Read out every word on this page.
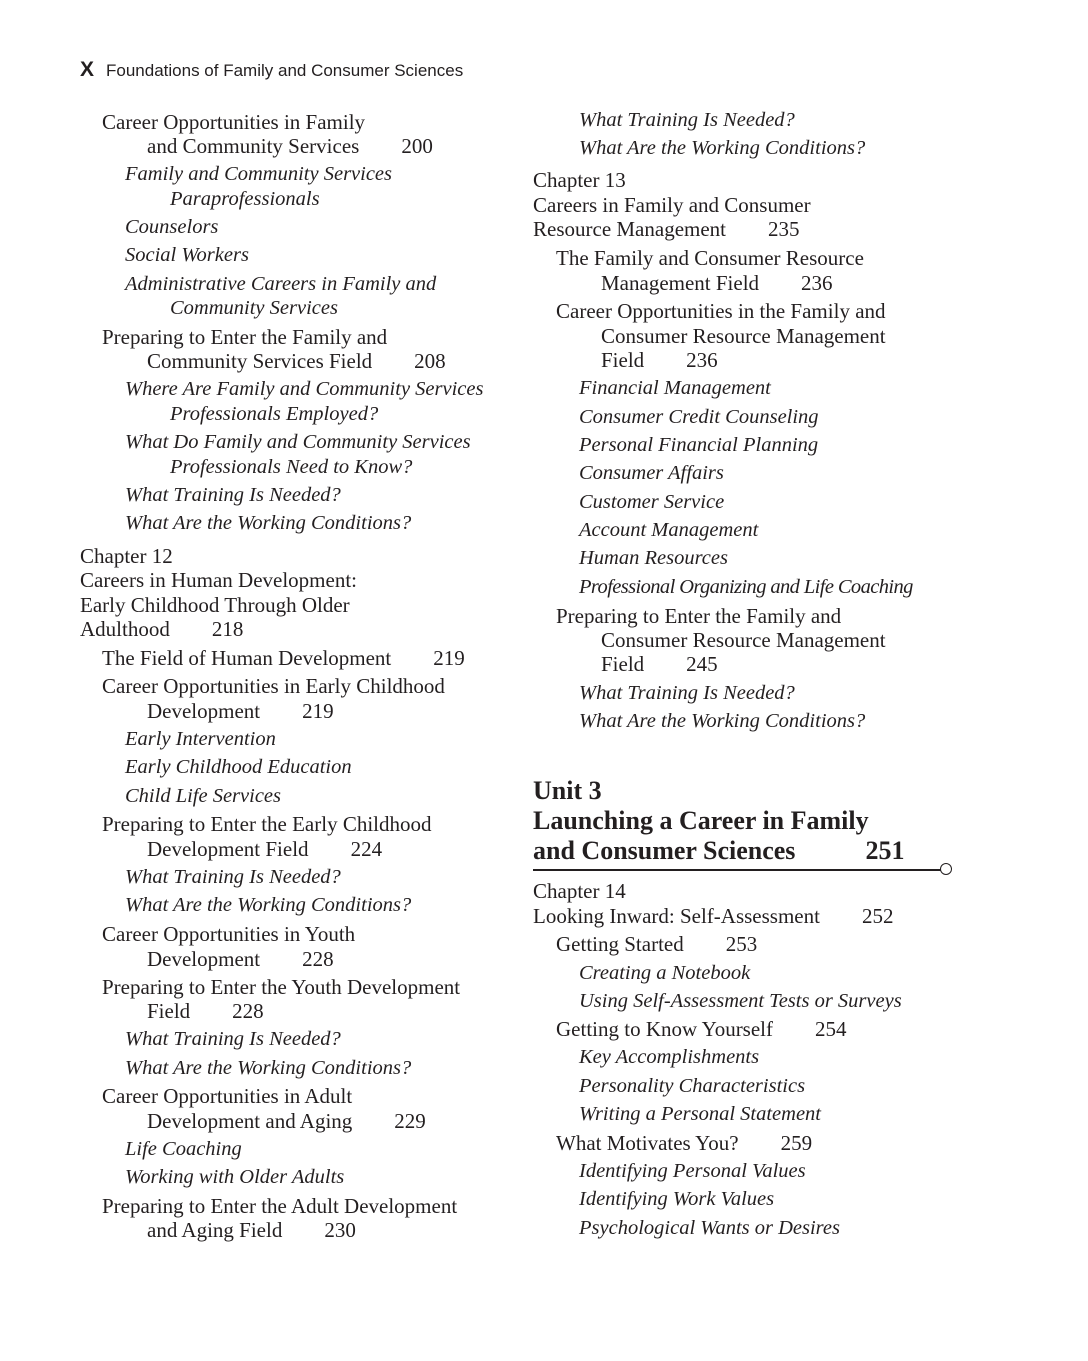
X Foundations of Family and Consumer Sciences
Career Opportunities in Family
and Community Services 200
Family and Community Services
Paraprofessionals
Counselors
Social Workers
Administrative Careers in Family and
Community Services
Preparing to Enter the Family and
Community Services Field 208
Where Are Family and Community Services
Professionals Employed?
What Do Family and Community Services
Professionals Need to Know?
What Training Is Needed?
What Are the Working Conditions?
Chapter 12
Careers in Human Development:
Early Childhood Through Older
Adulthood 218
The Field of Human Development 219
Career Opportunities in Early Childhood
Development 219
Early Intervention
Early Childhood Education
Child Life Services
Preparing to Enter the Early Childhood
Development Field 224
What Training Is Needed?
What Are the Working Conditions?
Career Opportunities in Youth
Development 228
Preparing to Enter the Youth Development
Field 228
What Training Is Needed?
What Are the Working Conditions?
Career Opportunities in Adult
Development and Aging 229
Life Coaching
Working with Older Adults
Preparing to Enter the Adult Development
and Aging Field 230
What Training Is Needed?
What Are the Working Conditions?
Chapter 13
Careers in Family and Consumer
Resource Management 235
The Family and Consumer Resource
Management Field 236
Career Opportunities in the Family and
Consumer Resource Management
Field 236
Financial Management
Consumer Credit Counseling
Personal Financial Planning
Consumer Affairs
Customer Service
Account Management
Human Resources
Professional Organizing and Life Coaching
Preparing to Enter the Family and
Consumer Resource Management
Field 245
What Training Is Needed?
What Are the Working Conditions?
Unit 3
Launching a Career in Family
and Consumer Sciences	251
Chapter 14
Looking Inward: Self-Assessment 252
Getting Started 253
Creating a Notebook
Using Self-Assessment Tests or Surveys
Getting to Know Yourself 254
Key Accomplishments
Personality Characteristics
Writing a Personal Statement
What Motivates You? 259
Identifying Personal Values
Identifying Work Values
Psychological Wants or Desires
